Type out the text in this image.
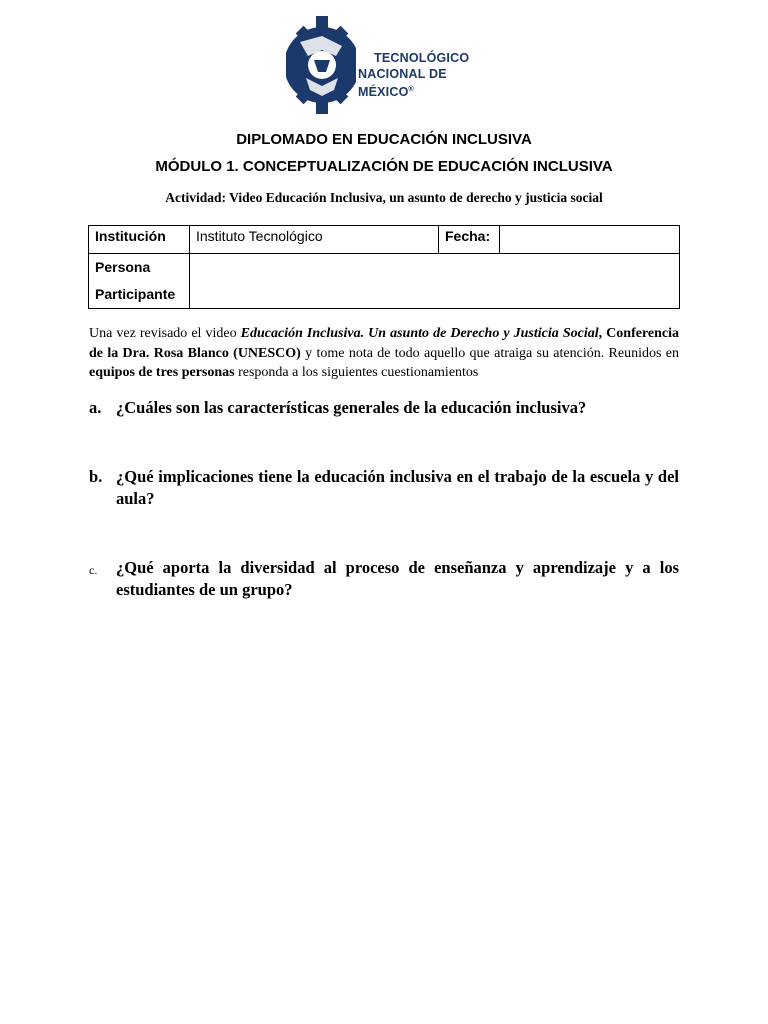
TECNOLÓGICO
NACIONAL DE MÉXICO®
DIPLOMADO EN EDUCACIÓN INCLUSIVA
MÓDULO 1. CONCEPTUALIZACIÓN DE EDUCACIÓN INCLUSIVA
Actividad: Video Educación Inclusiva, un asunto de derecho y justicia social
Institución	Instituto Tecnológico	Fecha:	
Persona
Participante			
Una vez revisado el video Educación Inclusiva. Un asunto de Derecho y Justicia Social, Conferencia de la Dra. Rosa Blanco (UNESCO) y tome nota de todo aquello que atraiga su atención. Reunidos en equipos de tres personas responda a los siguientes cuestionamientos
a. ¿Cuáles son las características generales de la educación inclusiva?
b. ¿Qué implicaciones tiene la educación inclusiva en el trabajo de la escuela y del aula?
c. ¿Qué aporta la diversidad al proceso de enseñanza y aprendizaje y a los estudiantes de un grupo?
